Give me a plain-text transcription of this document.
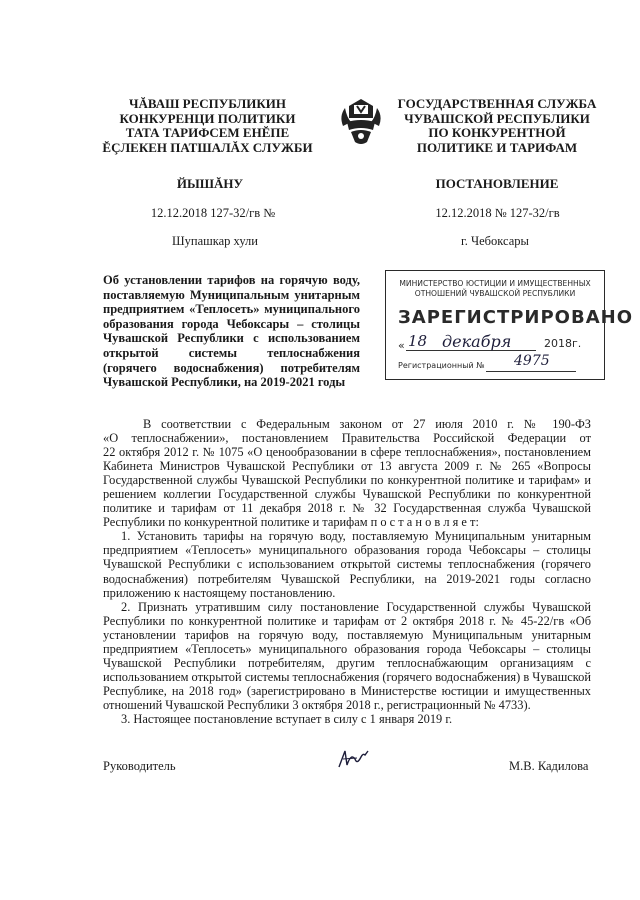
ЧĂВАШ РЕСПУБЛИКИН
КОНКУРЕНЦИ ПОЛИТИКИ
ТАТА ТАРИФСЕМ ЕНĔПЕ
ĔÇЛЕКЕН ПАТШАЛĂХ СЛУЖБИ
ГОСУДАРСТВЕННАЯ СЛУЖБА
ЧУВАШСКОЙ РЕСПУБЛИКИ
ПО КОНКУРЕНТНОЙ
ПОЛИТИКЕ И ТАРИФАМ
ЙЫШĂНУ	ПОСТАНОВЛЕНИЕ
12.12.2018 127-32/гв №	12.12.2018 № 127-32/гв
Шупашкар хули	г. Чебоксары
Об установлении тарифов на горячую воду,
поставляемую Муниципальным унитарным
предприятием «Теплосеть» муниципального
образования города Чебоксары – столицы
Чувашской Республики с использованием
открытой системы теплоснабжения
(горячего водоснабжения) потребителям
Чувашской Республики, на 2019-2021 годы
МИНИСТЕРСТВО ЮСТИЦИИ И ИМУЩЕСТВЕННЫХ
ОТНОШЕНИЙ ЧУВАШСКОЙ РЕСПУБЛИКИ
ЗАРЕГИСТРИРОВАНО
« 18 декабря	2018г.
Регистрационный № 4975
В соответствии с Федеральным законом от 27 июля 2010 г. № 190-ФЗ
«О теплоснабжении», постановлением Правительства Российской Федерации от
22 октября 2012 г. № 1075 «О ценообразовании в сфере теплоснабжения», постановлением
Кабинета Министров Чувашской Республики от 13 августа 2009 г. № 265 «Вопросы
Государственной службы Чувашской Республики по конкурентной политике и тарифам» и
решением коллегии Государственной службы Чувашской Республики по конкурентной
политике и тарифам от 11 декабря 2018 г. № 32 Государственная служба Чувашской
Республики по конкурентной политике и тарифам п о с т а н о в л я е т:
1. Установить тарифы на горячую воду, поставляемую Муниципальным унитарным
предприятием «Теплосеть» муниципального образования города Чебоксары – столицы
Чувашской Республики с использованием открытой системы теплоснабжения (горячего
водоснабжения) потребителям Чувашской Республики, на 2019-2021 годы согласно
приложению к настоящему постановлению.
2. Признать утратившим силу постановление Государственной службы Чувашской
Республики по конкурентной политике и тарифам от 2 октября 2018 г. № 45-22/гв «Об
установлении тарифов на горячую воду, поставляемую Муниципальным унитарным
предприятием «Теплосеть» муниципального образования города Чебоксары – столицы
Чувашской Республики потребителям, другим теплоснабжающим организациям с
использованием открытой системы теплоснабжения (горячего водоснабжения) в Чувашской
Республике, на 2018 год» (зарегистрировано в Министерстве юстиции и имущественных
отношений Чувашской Республики 3 октября 2018 г., регистрационный № 4733).
3. Настоящее постановление вступает в силу с 1 января 2019 г.
Руководитель	М.В. Кадилова
